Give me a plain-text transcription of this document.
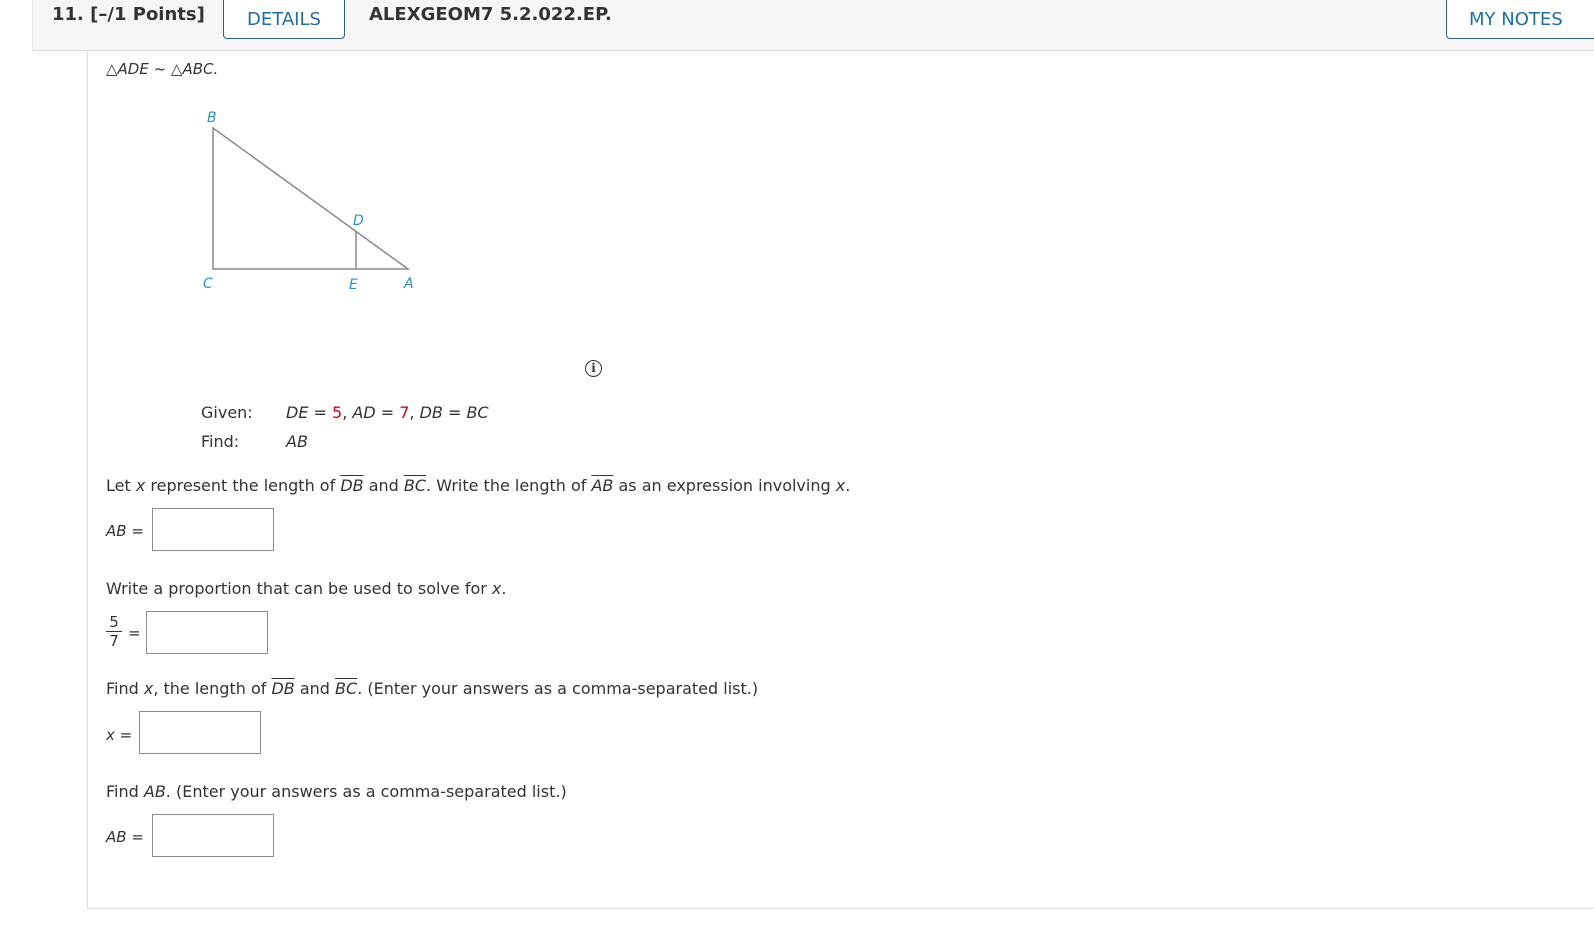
11. [–/1 Points]	DETAILS	ALEXGEOM7 5.2.022.EP.	MY NOTES
△ADE ~ △ABC.
B
D
C	E	A
i
Given: DE = 5, AD = 7, DB = BC
Find:	AB
Let x represent the length of $\overline{DB}$ and $\overline{BC}$. Write the length of $\overline{AB}$ as an expression involving x.
AB =
Write a proportion that can be used to solve for x.
5
7 =
Find x, the length of $\overline{DB}$ and $\overline{BC}$. (Enter your answers as a comma-separated list.)
x =
Find AB. (Enter your answers as a comma-separated list.)
AB =
